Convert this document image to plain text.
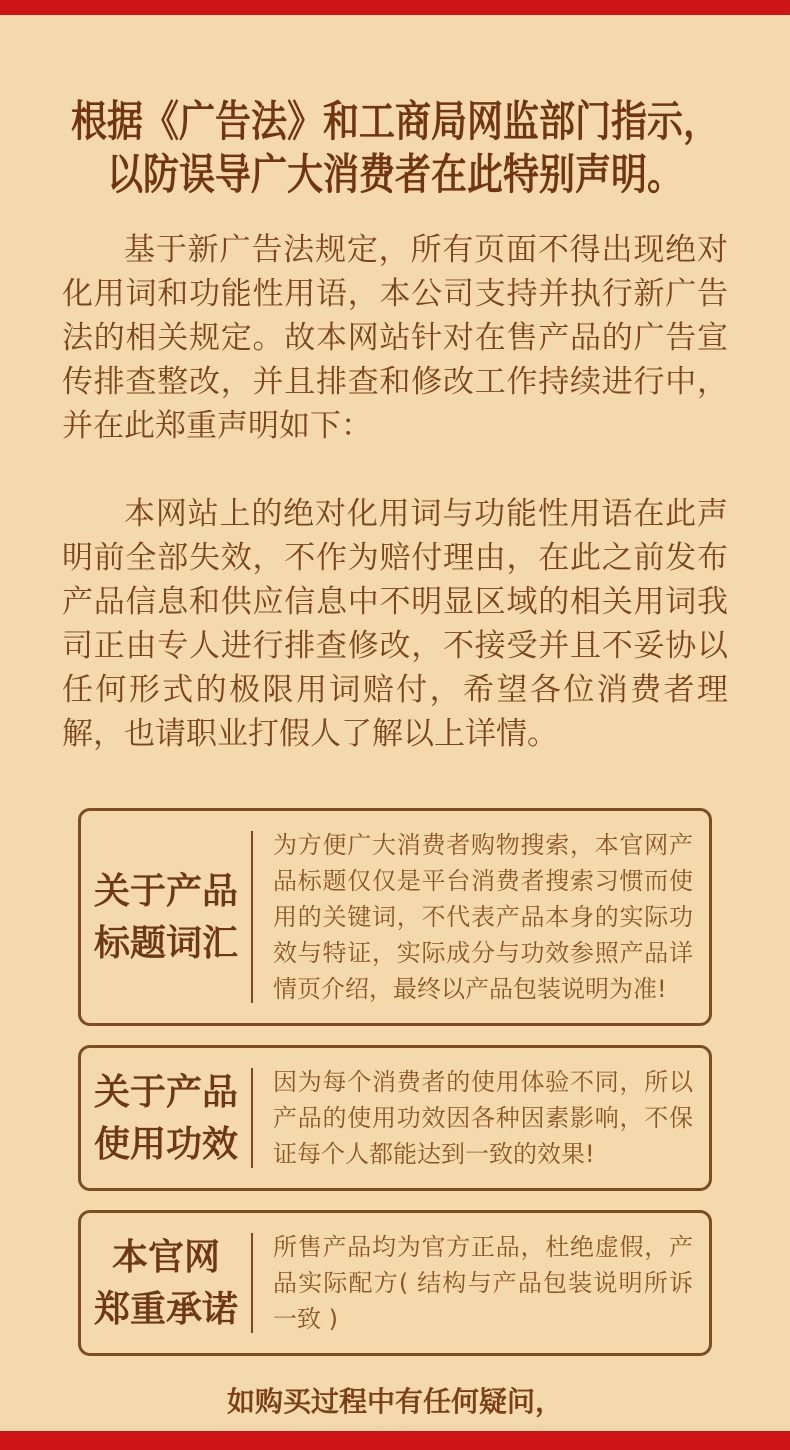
根据《广告法》和工商局网监部门指示，
以防误导广大消费者在此特别声明。

基于新广告法规定，所有页面不得出现绝对化用词和功能性用语，本公司支持并执行新广告法的相关规定。故本网站针对在售产品的广告宣传排查整改，并且排查和修改工作持续进行中，并在此郑重声明如下：

本网站上的绝对化用词与功能性用语在此声明前全部失效，不作为赔付理由，在此之前发布产品信息和供应信息中不明显区域的相关用词我司正由专人进行排查修改，不接受并且不妥协以任何形式的极限用词赔付，希望各位消费者理解，也请职业打假人了解以上详情。

关于产品
标题词汇

为方便广大消费者购物搜索，本官网产品标题仅仅是平台消费者搜索习惯而使用的关键词，不代表产品本身的实际功效与特证，实际成分与功效参照产品详情页介绍，最终以产品包装说明为准!

关于产品
使用功效

因为每个消费者的使用体验不同，所以产品的使用功效因各种因素影响，不保证每个人都能达到一致的效果!

本官网
郑重承诺

所售产品均为官方正品，杜绝虚假，产品实际配方( 结构与产品包装说明所诉一致 )

如购买过程中有任何疑问，
